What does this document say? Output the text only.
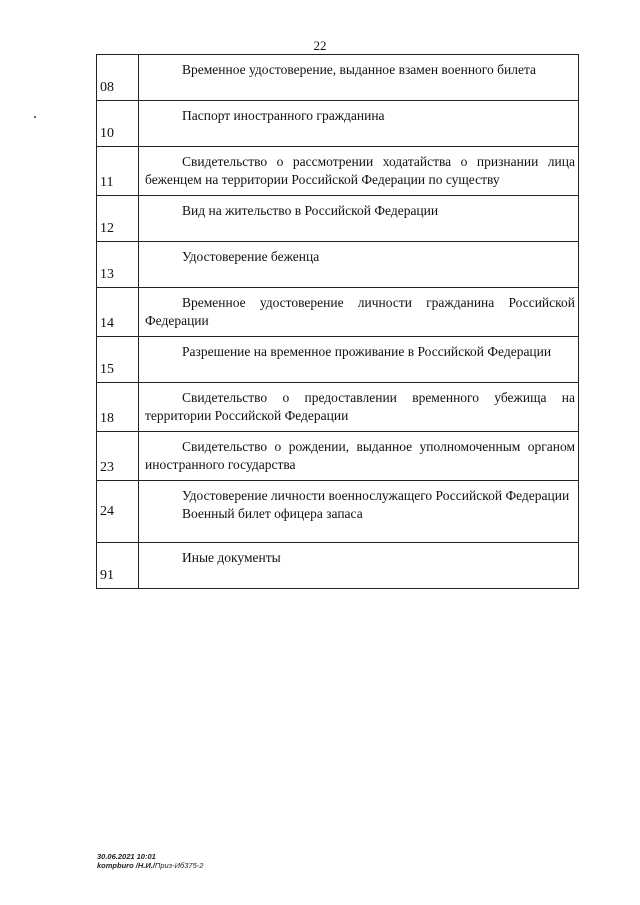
22
08	Временное удостоверение, выданное взамен военного билета

10	Паспорт иностранного гражданина

11	Свидетельство о рассмотрении ходатайства о признании лица беженцем на территории Российской Федерации по существу

12	Вид на жительство в Российской Федерации

13	Удостоверение беженца

14	Временное удостоверение личности гражданина Российской Федерации

15	Разрешение на временное проживание в Российской Федерации

18	Свидетельство о предоставлении временного убежища на территории Российской Федерации

23	Свидетельство о рождении, выданное уполномоченным органом иностранного государства

24	Удостоверение личности военнослужащего Российской Федерации
Военный билет офицера запаса

91	Иные документы
30.06.2021 10:01
kompburo /Н.И./Приз-Иб375-2
